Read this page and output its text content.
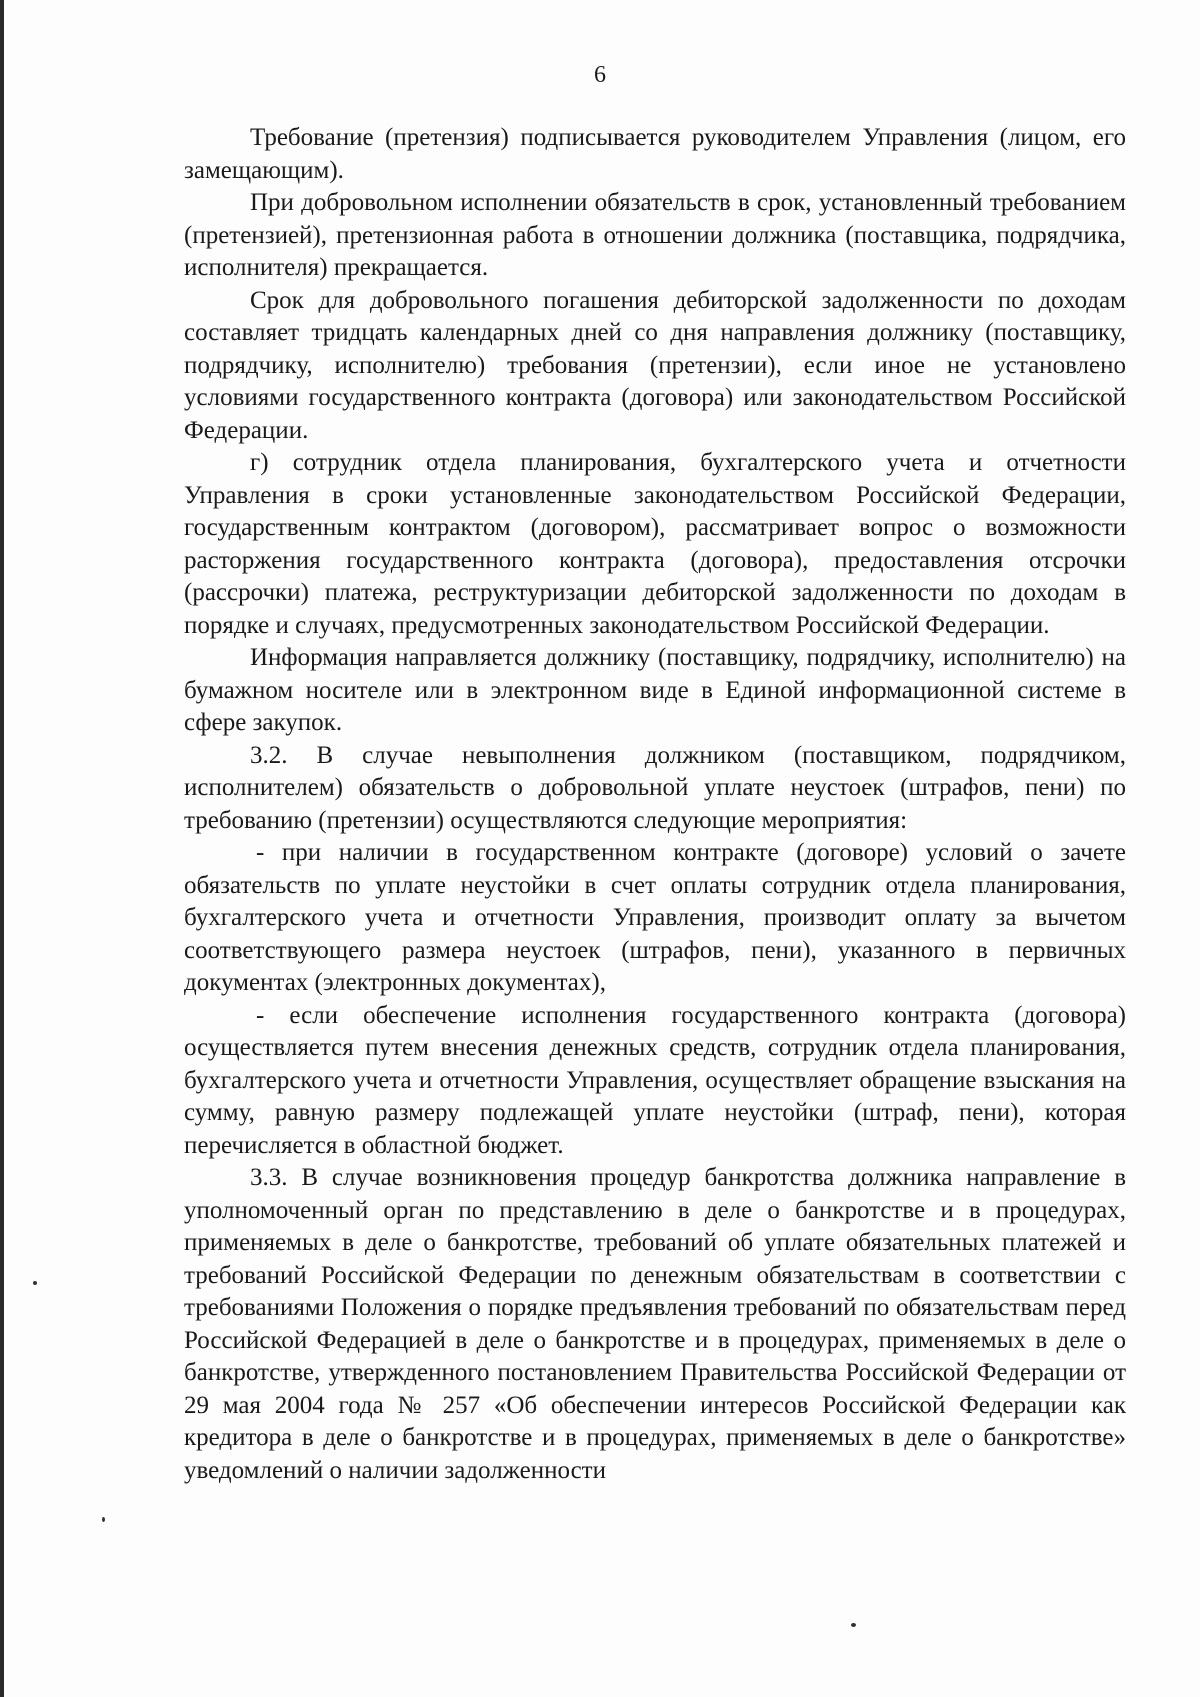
6

Требование (претензия) подписывается руководителем Управления (лицом, его замещающим).

При добровольном исполнении обязательств в срок, установленный требованием (претензией), претензионная работа в отношении должника (поставщика, подрядчика, исполнителя) прекращается.

Срок для добровольного погашения дебиторской задолженности по доходам составляет тридцать календарных дней со дня направления должнику (поставщику, подрядчику, исполнителю) требования (претензии), если иное не установлено условиями государственного контракта (договора) или законодательством Российской Федерации.

г) сотрудник отдела планирования, бухгалтерского учета и отчетности Управления в сроки установленные законодательством Российской Федерации, государственным контрактом (договором), рассматривает вопрос о возможности расторжения государственного контракта (договора), предоставления отсрочки (рассрочки) платежа, реструктуризации дебиторской задолженности по доходам в порядке и случаях, предусмотренных законодательством Российской Федерации.

Информация направляется должнику (поставщику, подрядчику, исполнителю) на бумажном носителе или в электронном виде в Единой информационной системе в сфере закупок.

3.2. В случае невыполнения должником (поставщиком, подрядчиком, исполнителем) обязательств о добровольной уплате неустоек (штрафов, пени) по требованию (претензии) осуществляются следующие мероприятия:

- при наличии в государственном контракте (договоре) условий о зачете обязательств по уплате неустойки в счет оплаты сотрудник отдела планирования, бухгалтерского учета и отчетности Управления, производит оплату за вычетом соответствующего размера неустоек (штрафов, пени), указанного в первичных документах (электронных документах),

- если обеспечение исполнения государственного контракта (договора) осуществляется путем внесения денежных средств, сотрудник отдела планирования, бухгалтерского учета и отчетности Управления, осуществляет обращение взыскания на сумму, равную размеру подлежащей уплате неустойки (штраф, пени), которая перечисляется в областной бюджет.

3.3. В случае возникновения процедур банкротства должника направление в уполномоченный орган по представлению в деле о банкротстве и в процедурах, применяемых в деле о банкротстве, требований об уплате обязательных платежей и требований Российской Федерации по денежным обязательствам в соответствии с требованиями Положения о порядке предъявления требований по обязательствам перед Российской Федерацией в деле о банкротстве и в процедурах, применяемых в деле о банкротстве, утвержденного постановлением Правительства Российской Федерации от 29 мая 2004 года № 257 «Об обеспечении интересов Российской Федерации как кредитора в деле о банкротстве и в процедурах, применяемых в деле о банкротстве» уведомлений о наличии задолженности
